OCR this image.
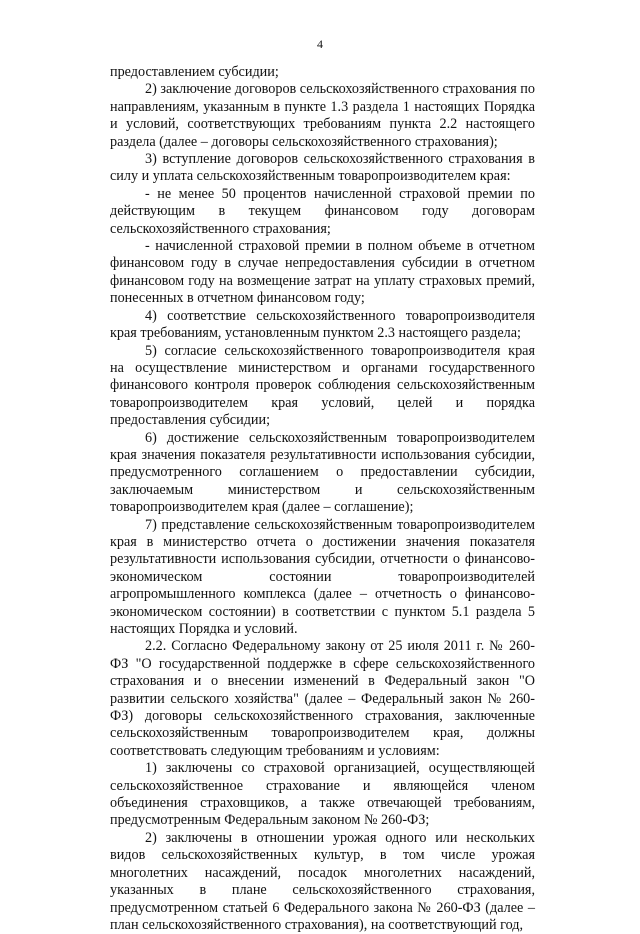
4

предоставлением субсидии;

2) заключение договоров сельскохозяйственного страхования по направлениям, указанным в пункте 1.3 раздела 1 настоящих Порядка и условий, соответствующих требованиям пункта 2.2 настоящего раздела (далее – договоры сельскохозяйственного страхования);

3) вступление договоров сельскохозяйственного страхования в силу и уплата сельскохозяйственным товаропроизводителем края:

- не менее 50 процентов начисленной страховой премии по действующим в текущем финансовом году договорам сельскохозяйственного страхования;

- начисленной страховой премии в полном объеме в отчетном финансовом году в случае непредоставления субсидии в отчетном финансовом году на возмещение затрат на уплату страховых премий, понесенных в отчетном финансовом году;

4) соответствие сельскохозяйственного товаропроизводителя края требованиям, установленным пунктом 2.3 настоящего раздела;

5) согласие сельскохозяйственного товаропроизводителя края на осуществление министерством и органами государственного финансового контроля проверок соблюдения сельскохозяйственным товаропроизводителем края условий, целей и порядка предоставления субсидии;

6) достижение сельскохозяйственным товаропроизводителем края значения показателя результативности использования субсидии, предусмотренного соглашением о предоставлении субсидии, заключаемым министерством и сельскохозяйственным товаропроизводителем края (далее – соглашение);

7) представление сельскохозяйственным товаропроизводителем края в министерство отчета о достижении значения показателя результативности использования субсидии, отчетности о финансово-экономическом состоянии товаропроизводителей агропромышленного комплекса (далее – отчетность о финансово-экономическом состоянии) в соответствии с пунктом 5.1 раздела 5 настоящих Порядка и условий.

2.2. Согласно Федеральному закону от 25 июля 2011 г. № 260-ФЗ "О государственной поддержке в сфере сельскохозяйственного страхования и о внесении изменений в Федеральный закон "О развитии сельского хозяйства" (далее – Федеральный закон № 260-ФЗ) договоры сельскохозяйственного страхования, заключенные сельскохозяйственным товаропроизводителем края, должны соответствовать следующим требованиям и условиям:

1) заключены со страховой организацией, осуществляющей сельскохозяйственное страхование и являющейся членом объединения страховщиков, а также отвечающей требованиям, предусмотренным Федеральным законом № 260-ФЗ;

2) заключены в отношении урожая одного или нескольких видов сельскохозяйственных культур, в том числе урожая многолетних насаждений, посадок многолетних насаждений, указанных в плане сельскохозяйственного страхования, предусмотренном статьей 6 Федерального закона № 260-ФЗ (далее – план сельскохозяйственного страхования), на соответствующий год,
